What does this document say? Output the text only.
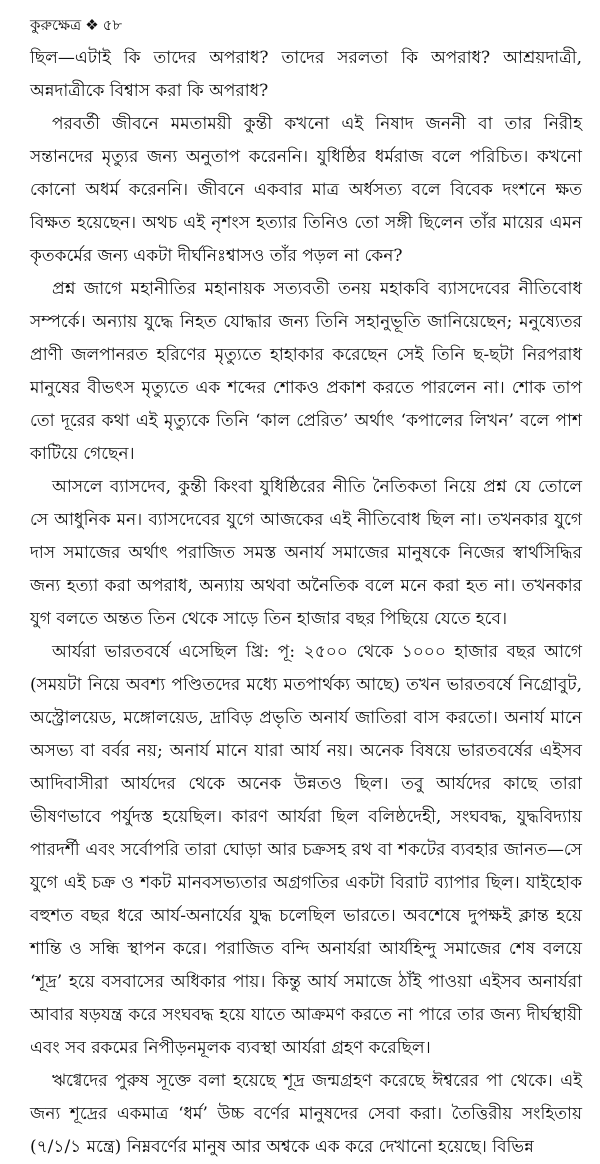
কুরুক্ষেত্র ❖ ৫৮

ছিল—এটাই কি তাদের অপরাধ? তাদের সরলতা কি অপরাধ? আশ্রয়দাত্রী, অন্নদাত্রীকে বিশ্বাস করা কি অপরাধ?

পরবর্তী জীবনে মমতাময়ী কুন্তী কখনো এই নিষাদ জননী বা তার নিরীহ সন্তানদের মৃত্যুর জন্য অনুতাপ করেননি। যুধিষ্ঠির ধর্মরাজ বলে পরিচিত। কখনো কোনো অধর্ম করেননি। জীবনে একবার মাত্র অর্ধসত্য বলে বিবেক দংশনে ক্ষত বিক্ষত হয়েছেন। অথচ এই নৃশংস হত্যার তিনিও তো সঙ্গী ছিলেন তাঁর মায়ের এমন কৃতকর্মের জন্য একটা দীর্ঘনিঃশ্বাসও তাঁর পড়ল না কেন?

প্রশ্ন জাগে মহানীতির মহানায়ক সত্যবতী তনয় মহাকবি ব্যাসদেবের নীতিবোধ সম্পর্কে। অন্যায় যুদ্ধে নিহত যোদ্ধার জন্য তিনি সহানুভূতি জানিয়েছেন; মনুষ্যেতর প্রাণী জলপানরত হরিণের মৃত্যুতে হাহাকার করেছেন সেই তিনি ছ-ছটা নিরপরাধ মানুষের বীভৎস মৃত্যুতে এক শব্দের শোকও প্রকাশ করতে পারলেন না। শোক তাপ তো দূরের কথা এই মৃত্যুকে তিনি ‘কাল প্রেরিত’ অর্থাৎ ‘কপালের লিখন’ বলে পাশ কাটিয়ে গেছেন।

আসলে ব্যাসদেব, কুন্তী কিংবা যুধিষ্ঠিরের নীতি নৈতিকতা নিয়ে প্রশ্ন যে তোলে সে আধুনিক মন। ব্যাসদেবের যুগে আজকের এই নীতিবোধ ছিল না। তখনকার যুগে দাস সমাজের অর্থাৎ পরাজিত সমস্ত অনার্য সমাজের মানুষকে নিজের স্বার্থসিদ্ধির জন্য হত্যা করা অপরাধ, অন্যায় অথবা অনৈতিক বলে মনে করা হত না। তখনকার যুগ বলতে অন্তত তিন থেকে সাড়ে তিন হাজার বছর পিছিয়ে যেতে হবে।

আর্যরা ভারতবর্ষে এসেছিল খ্রি: পূ: ২৫০০ থেকে ১০০০ হাজার বছর আগে (সময়টা নিয়ে অবশ্য পণ্ডিতদের মধ্যে মতপার্থক্য আছে) তখন ভারতবর্ষে নিগ্রোবুট, অস্ট্রোলয়েড, মঙ্গোলয়েড, দ্রাবিড় প্রভৃতি অনার্য জাতিরা বাস করতো। অনার্য মানে অসভ্য বা বর্বর নয়; অনার্য মানে যারা আর্য নয়। অনেক বিষয়ে ভারতবর্ষের এইসব আদিবাসীরা আর্যদের থেকে অনেক উন্নতও ছিল। তবু আর্যদের কাছে তারা ভীষণভাবে পর্যুদস্ত হয়েছিল। কারণ আর্যরা ছিল বলিষ্ঠদেহী, সংঘবদ্ধ, যুদ্ধবিদ্যায় পারদর্শী এবং সর্বোপরি তারা ঘোড়া আর চক্রসহ রথ বা শকটের ব্যবহার জানত—সে যুগে এই চক্র ও শকট মানবসভ্যতার অগ্রগতির একটা বিরাট ব্যাপার ছিল। যাইহোক বহুশত বছর ধরে আর্য-অনার্যের যুদ্ধ চলেছিল ভারতে। অবশেষে দুপক্ষই ক্লান্ত হয়ে শান্তি ও সন্ধি স্থাপন করে। পরাজিত বন্দি অনার্যরা আর্যহিন্দু সমাজের শেষ বলয়ে ‘শূদ্র’ হয়ে বসবাসের অধিকার পায়। কিন্তু আর্য সমাজে ঠাঁই পাওয়া এইসব অনার্যরা আবার ষড়যন্ত্র করে সংঘবদ্ধ হয়ে যাতে আক্রমণ করতে না পারে তার জন্য দীর্ঘস্থায়ী এবং সব রকমের নিপীড়নমূলক ব্যবস্থা আর্যরা গ্রহণ করেছিল।

ঋগ্বেদের পুরুষ সূক্তে বলা হয়েছে শূদ্র জন্মগ্রহণ করেছে ঈশ্বরের পা থেকে। এই জন্য শূদ্রের একমাত্র ‘ধর্ম’ উচ্চ বর্ণের মানুষদের সেবা করা। তৈত্তিরীয় সংহিতায় (৭/১/১ মন্ত্রে) নিম্নবর্ণের মানুষ আর অশ্বকে এক করে দেখানো হয়েছে। বিভিন্ন
